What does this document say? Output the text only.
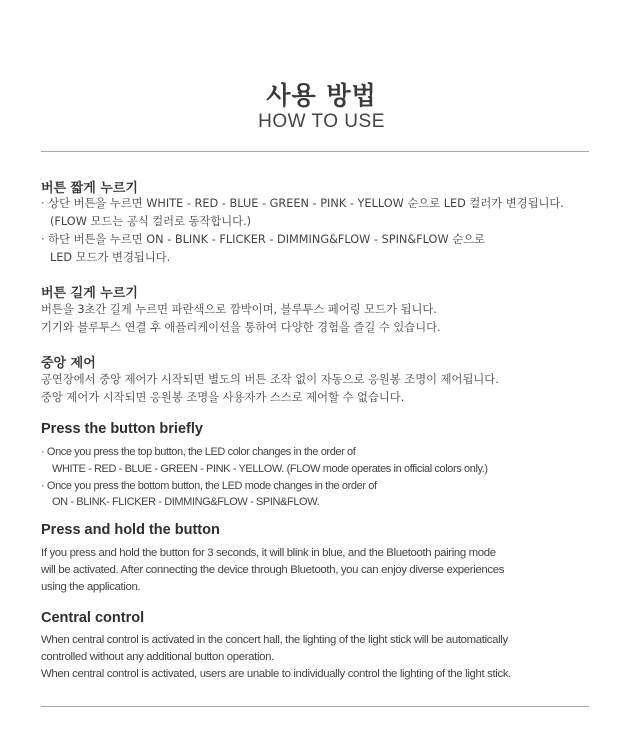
사용 방법
HOW TO USE
버튼 짧게 누르기
· 상단 버튼을 누르면 WHITE - RED - BLUE - GREEN - PINK - YELLOW 순으로 LED 컬러가 변경됩니다.
(FLOW 모드는 공식 컬러로 동작합니다.)
· 하단 버튼을 누르면 ON - BLINK - FLICKER - DIMMING&FLOW - SPIN&FLOW 순으로
LED 모드가 변경됩니다.
버튼 길게 누르기
버튼을 3초간 길게 누르면 파란색으로 깜박이며, 블루투스 페어링 모드가 됩니다.
기기와 블루투스 연결 후 애플리케이션을 통하여 다양한 경험을 즐길 수 있습니다.
중앙 제어
공연장에서 중앙 제어가 시작되면 별도의 버튼 조작 없이 자동으로 응원봉 조명이 제어됩니다.
중앙 제어가 시작되면 응원봉 조명을 사용자가 스스로 제어할 수 없습니다.
Press the button briefly
· Once you press the top button, the LED color changes in the order of
WHITE - RED - BLUE - GREEN - PINK - YELLOW. (FLOW mode operates in official colors only.)
· Once you press the bottom button, the LED mode changes in the order of
ON - BLINK- FLICKER - DIMMING&FLOW - SPIN&FLOW.
Press and hold the button
If you press and hold the button for 3 seconds, it will blink in blue, and the Bluetooth pairing mode
will be activated. After connecting the device through Bluetooth, you can enjoy diverse experiences
using the application.
Central control
When central control is activated in the concert hall, the lighting of the light stick will be automatically
controlled without any additional button operation.
When central control is activated, users are unable to individually control the lighting of the light stick.
